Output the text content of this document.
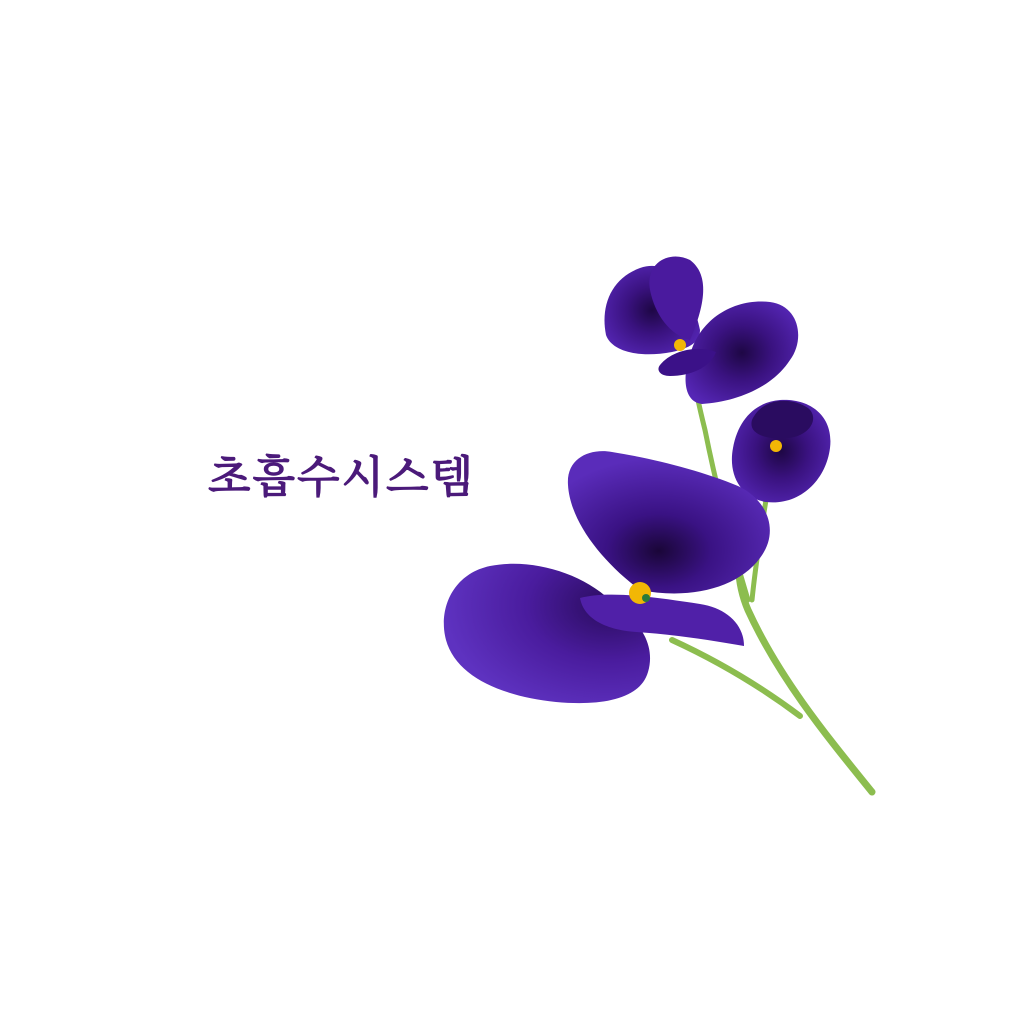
초흡수시스템
